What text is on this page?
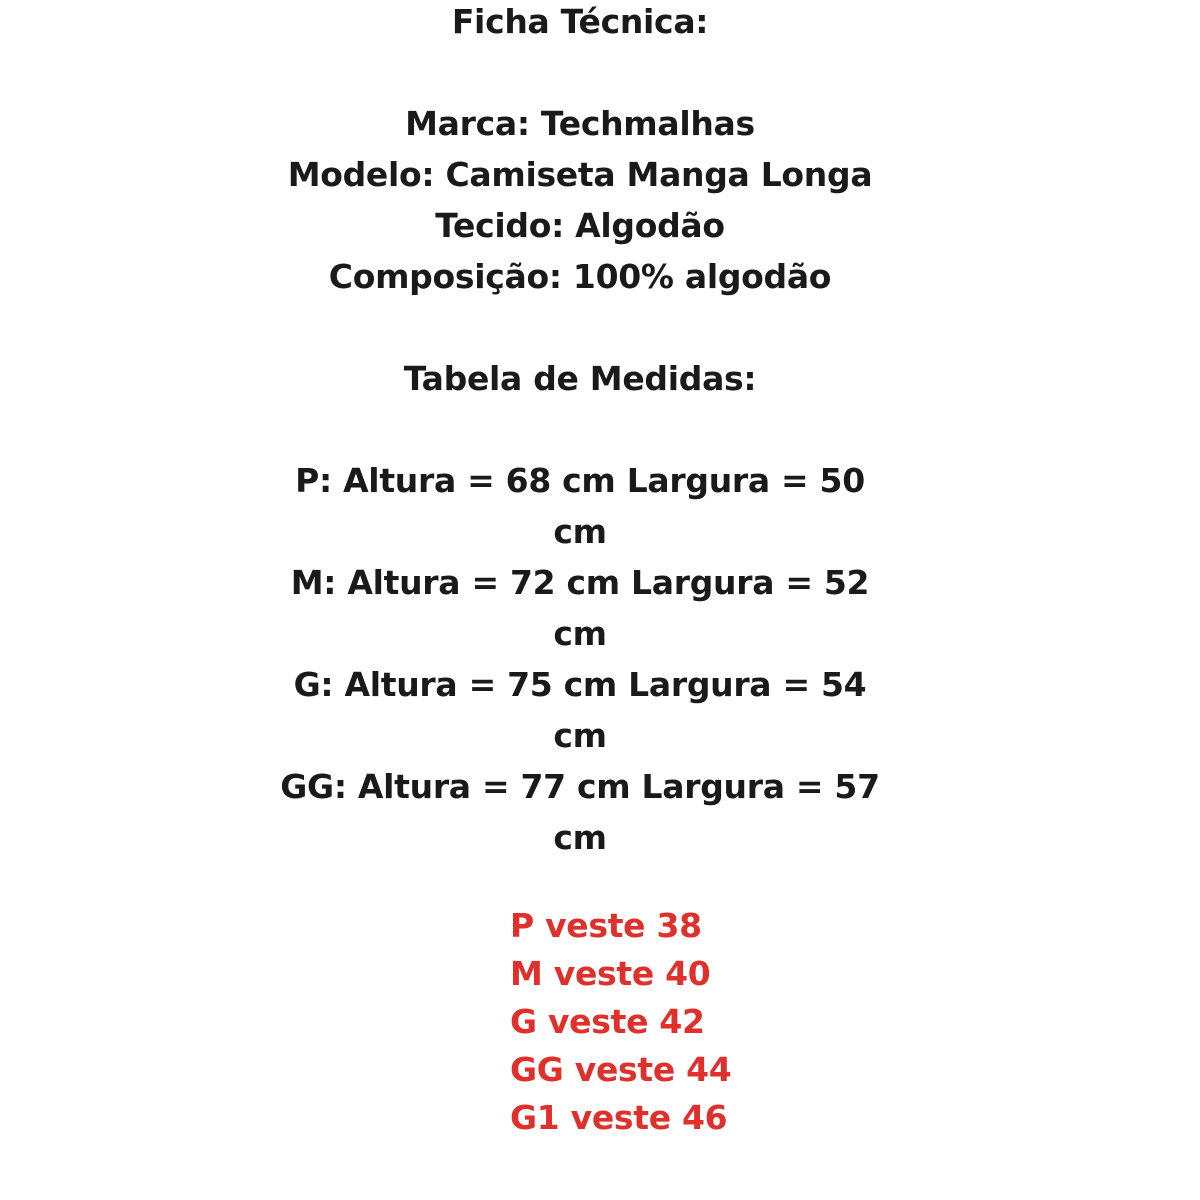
Ficha Técnica:
Marca: Techmalhas
Modelo: Camiseta Manga Longa
Tecido: Algodão
Composição: 100% algodão
Tabela de Medidas:
P: Altura = 68 cm Largura = 50
cm
M: Altura = 72 cm Largura = 52
cm
G: Altura = 75 cm Largura = 54
cm
GG: Altura = 77 cm Largura = 57
cm
P veste 38
M veste 40
G veste 42
GG veste 44
G1 veste 46
